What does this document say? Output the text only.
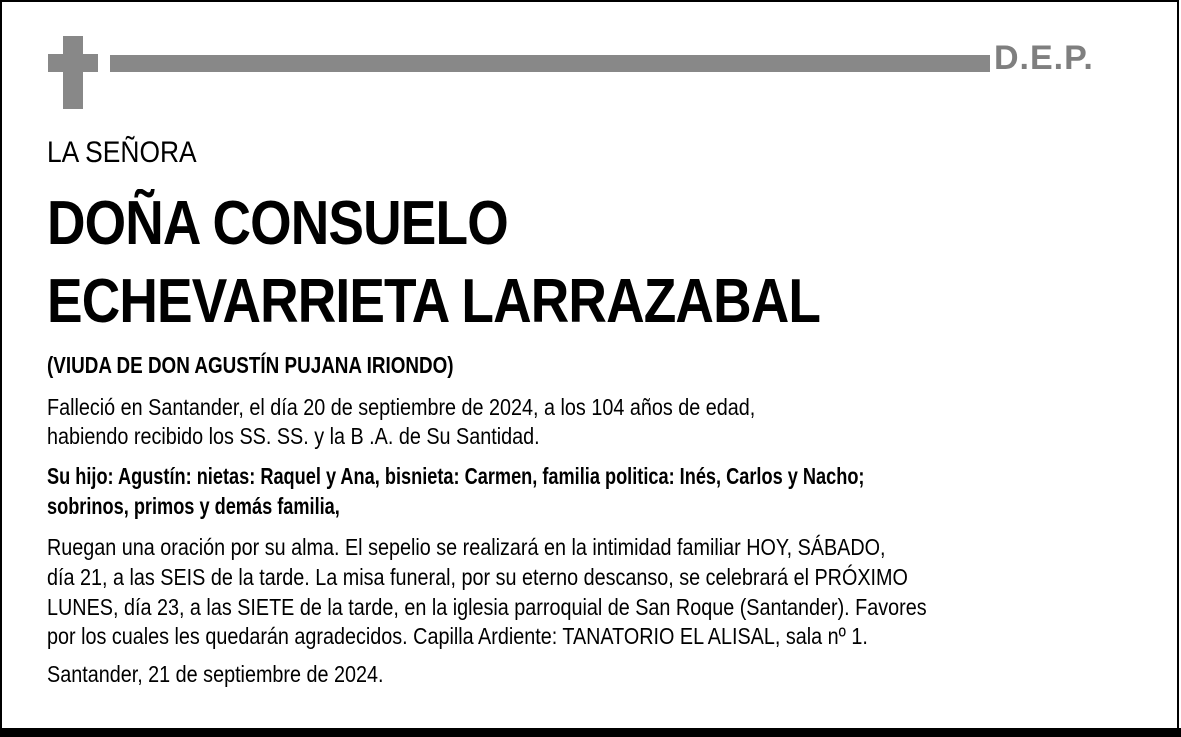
D.E.P.
LA SEÑORA
DOÑA CONSUELO
ECHEVARRIETA LARRAZABAL
(VIUDA DE DON AGUSTÍN PUJANA IRIONDO)
Falleció en Santander, el día 20 de septiembre de 2024, a los 104 años de edad,
habiendo recibido los SS. SS. y la B .A. de Su Santidad.
Su hijo: Agustín: nietas: Raquel y Ana, bisnieta: Carmen, familia politica: Inés, Carlos y Nacho;
sobrinos, primos y demás familia,
Ruegan una oración por su alma. El sepelio se realizará en la intimidad familiar HOY, SÁBADO,
día 21, a las SEIS de la tarde. La misa funeral, por su eterno descanso, se celebrará el PRÓXIMO
LUNES, día 23, a las SIETE de la tarde, en la iglesia parroquial de San Roque (Santander). Favores
por los cuales les quedarán agradecidos. Capilla Ardiente: TANATORIO EL ALISAL, sala nº 1.
Santander, 21 de septiembre de 2024.
